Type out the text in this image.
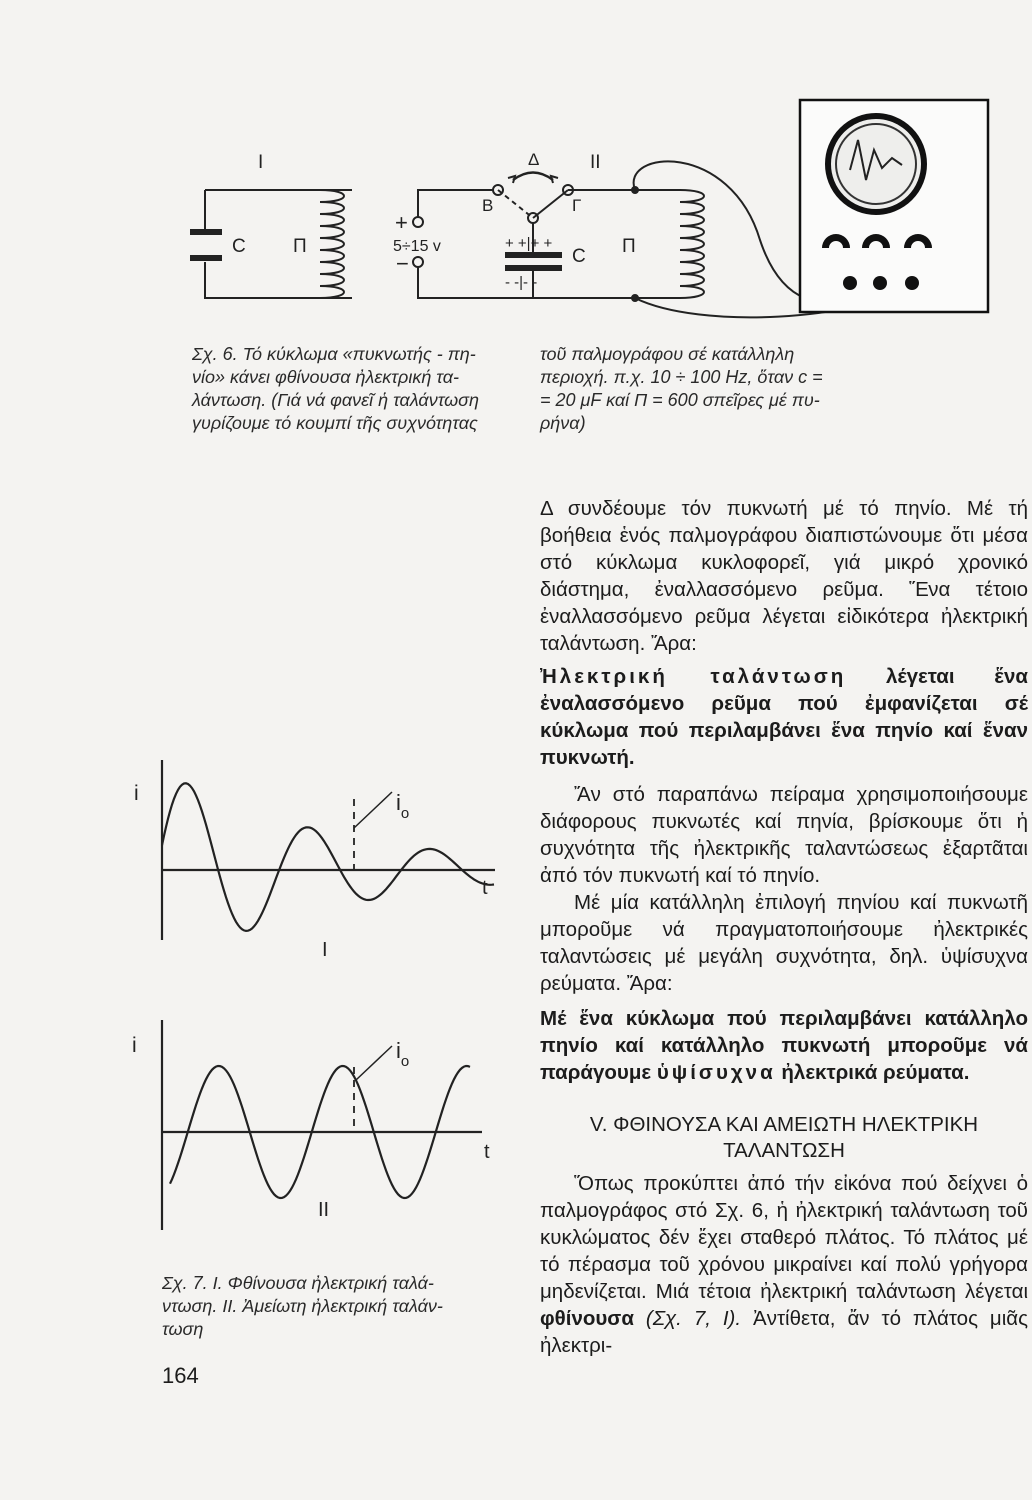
I	II
C Π
+
5÷15 v
−
Δ
Β	Γ
+ +|+ +
- -|- -
C Π
Σχ. 6. Τό κύκλωμα «πυκνωτής - πη-
νίο» κάνει φθίνουσα ἠλεκτρική τα-
λάντωση. (Γιά νά φανεῖ ἡ ταλάντωση
γυρίζουμε τό κουμπί τῆς συχνότητας
τοῦ παλμογράφου σέ κατάλληλη
περιοχή. π.χ. 10 ÷ 100 Hz, ὅταν c =
= 20 μF καί Π = 600 σπεῖρες μέ πυ-
ρήνα)

Δ συνδέουμε τόν πυκνωτή μέ τό πηνίο. Μέ τή βοήθεια ἑνός παλμογράφου διαπιστώνουμε ὅτι μέσα στό κύκλωμα κυκλοφορεῖ, γιά μικρό χρονικό διάστημα, ἐναλλασσόμενο ρεῦμα. Ἕνα τέτοιο ἐναλλασσόμενο ρεῦμα λέγεται εἰδικότερα ἠλεκτρική ταλάντωση. Ἄρα:

Ἠλεκτρική ταλάντωση λέγεται ἕνα ἐναλασσόμενο ρεῦμα πού ἐμφανίζεται σέ κύκλωμα πού περιλαμβάνει ἕνα πηνίο καί ἕναν πυκνωτή.

Ἄν στό παραπάνω πείραμα χρησιμοποιήσουμε διάφορους πυκνωτές καί πηνία, βρίσκουμε ὅτι ἡ συχνότητα τῆς ἠλεκτρικῆς ταλαντώσεως ἐξαρτᾶται ἀπό τόν πυκνωτή καί τό πηνίο.

Μέ μία κατάλληλη ἐπιλογή πηνίου καί πυκνωτῆ μποροῦμε νά πραγματοποιήσουμε ἠλεκτρικές ταλαντώσεις μέ μεγάλη συχνότητα, δηλ. ὑψίσυχνα ρεύματα. Ἄρα:

Μέ ἕνα κύκλωμα πού περιλαμβάνει κατάλληλο πηνίο καί κατάλληλο πυκνωτή μποροῦμε νά παράγουμε ὑψίσυχνα ἠλεκτρικά ρεύματα.

V. ΦΘΙΝΟΥΣΑ ΚΑΙ ΑΜΕΙΩΤΗ ΗΛΕΚΤΡΙΚΗ
ΤΑΛΑΝΤΩΣΗ

Ὅπως προκύπτει ἀπό τήν εἰκόνα πού δείχνει ὁ παλμογράφος στό Σχ. 6, ἡ ἠλεκτρική ταλάντωση τοῦ κυκλώματος δέν ἔχει σταθερό πλάτος. Τό πλάτος μέ τό πέρασμα τοῦ χρόνου μικραίνει καί πολύ γρήγορα μηδενίζεται. Μιά τέτοια ἠλεκτρική ταλάντωση λέγεται φθίνουσα (Σχ. 7, Ι). Ἀντίθετα, ἄν τό πλάτος μιᾶς ἠλεκτρι-

i	$i_o$
t
I
i	$i_o$
t
II
Σχ. 7. Ι. Φθίνουσα ἠλεκτρική ταλά-
ντωση. ΙΙ. Ἀμείωτη ἠλεκτρική ταλάν-
τωση
164
